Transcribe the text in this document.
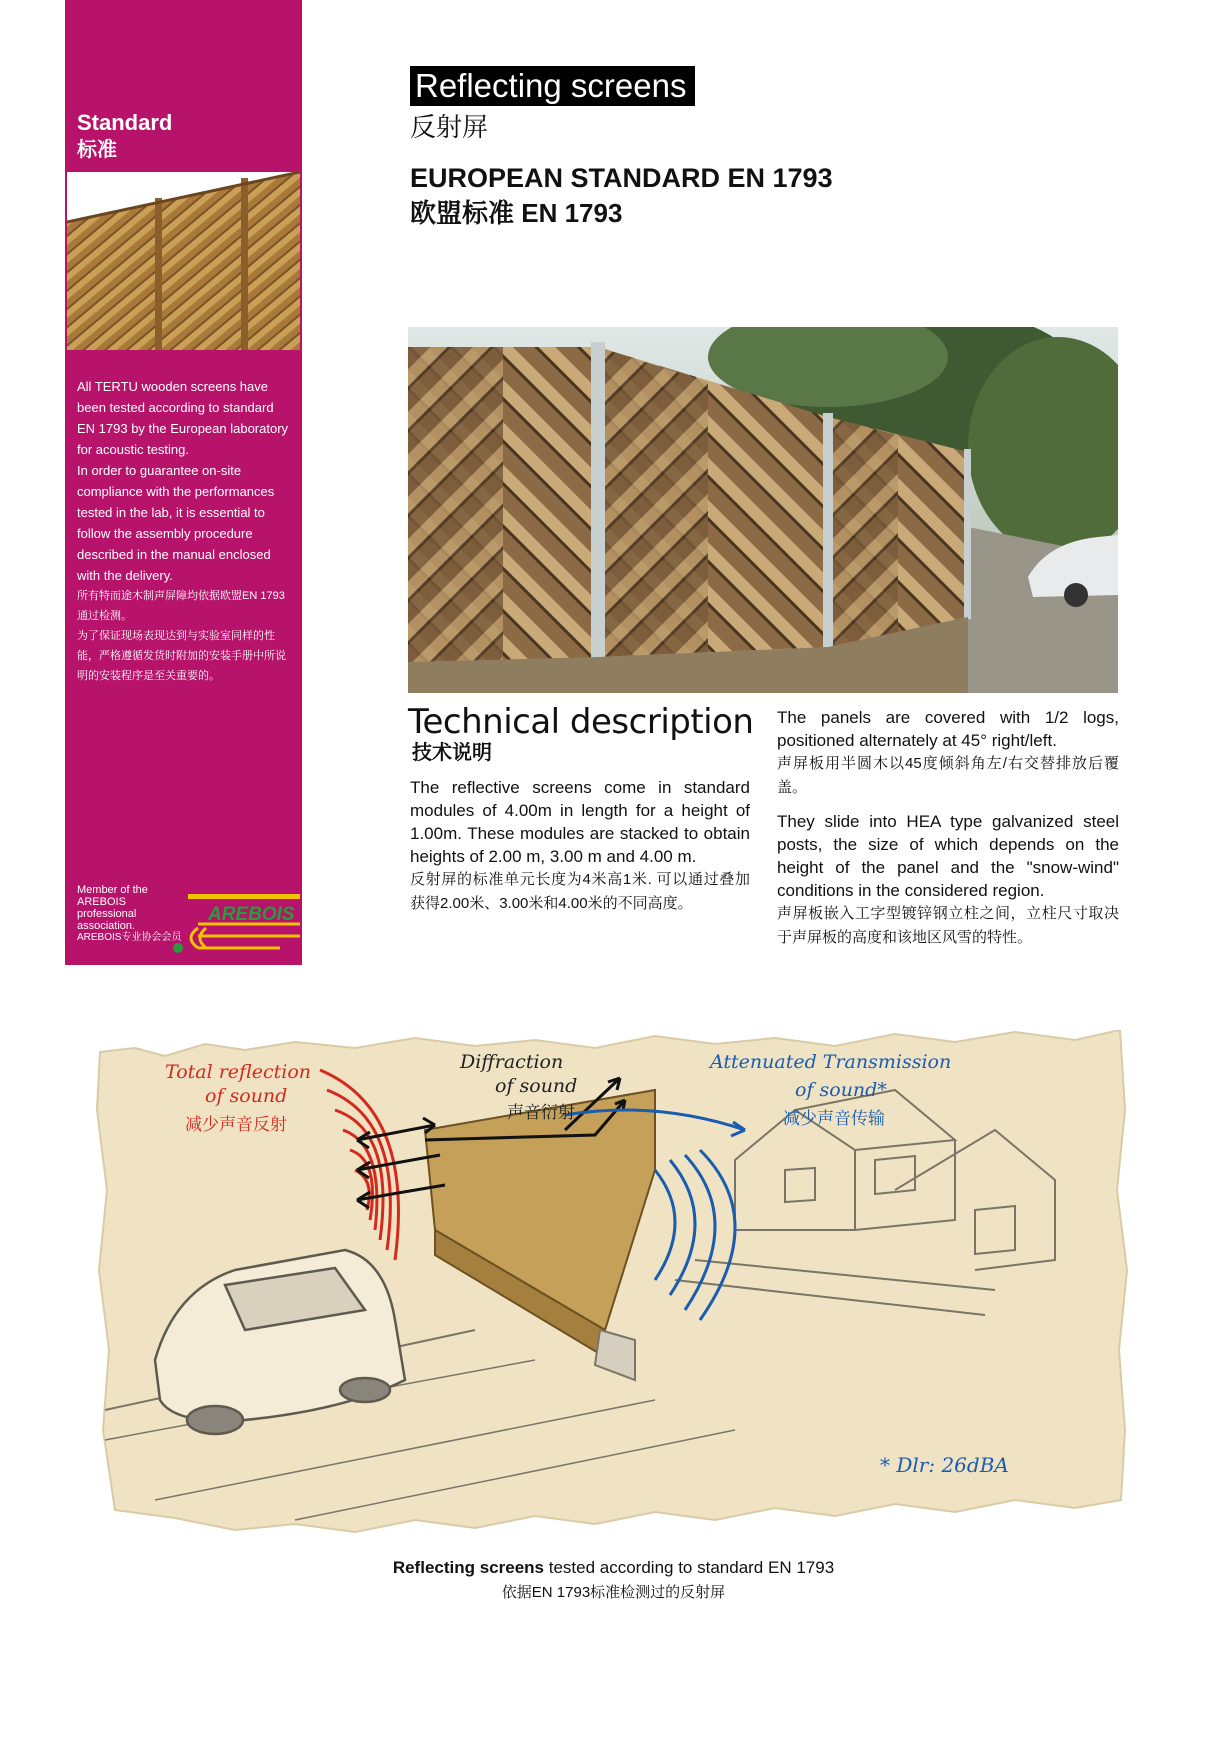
Standard
标准

All TERTU wooden screens have been tested according to standard EN 1793 by the European laboratory for acoustic testing.

In order to guarantee on-site compliance with the performances tested in the lab, it is essential to follow the assembly procedure described in the manual enclosed with the delivery.

所有特而途木制声屏障均依据欧盟EN 1793通过检测。

为了保证现场表现达到与实验室同样的性能，严格遵循发货时附加的安装手册中所说明的安装程序是至关重要的。

Member of the AREBOIS professional association.
AREBOIS专业协会会员
AREBOIS
Reflecting screens
反射屏
EUROPEAN STANDARD EN 1793
欧盟标准 EN 1793
Technical description
技术说明

The reflective screens come in standard modules of 4.00m in length for a height of 1.00m. These modules are stacked to obtain heights of 2.00 m, 3.00 m and 4.00 m.

反射屏的标准单元长度为4米高1米. 可以通过叠加获得2.00米、3.00米和4.00米的不同高度。

The panels are covered with 1/2 logs, positioned alternately at 45° right/left.

声屏板用半圆木以45度倾斜角左/右交替排放后覆盖。

They slide into HEA type galvanized steel posts, the size of which depends on the height of the panel and the "snow-wind" conditions in the considered region.

声屏板嵌入工字型镀锌钢立柱之间，立柱尺寸取决于声屏板的高度和该地区风雪的特性。

Total reflection
of sound
减少声音反射
Diffraction
of sound
声音衍射
Attenuated Transmission
of sound*
减少声音传输
* Dlr: 26dBA
Reflecting screens tested according to standard EN 1793
依据EN 1793标准检测过的反射屏
